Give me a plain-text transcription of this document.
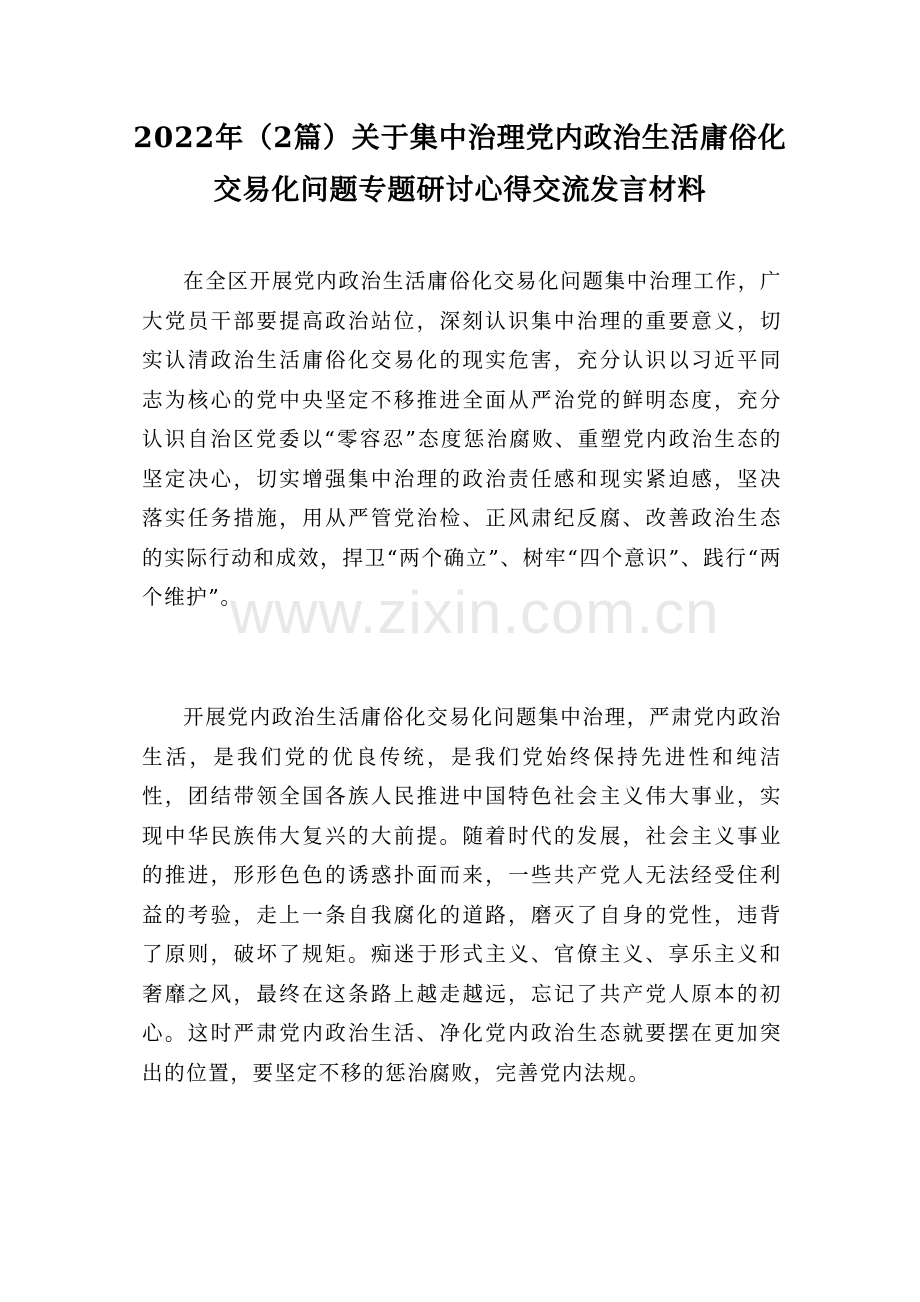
2022年（2篇）关于集中治理党内政治生活庸俗化交易化问题专题研讨心得交流发言材料

在全区开展党内政治生活庸俗化交易化问题集中治理工作，广大党员干部要提高政治站位，深刻认识集中治理的重要意义，切实认清政治生活庸俗化交易化的现实危害，充分认识以习近平同志为核心的党中央坚定不移推进全面从严治党的鲜明态度，充分认识自治区党委以“零容忍”态度惩治腐败、重塑党内政治生态的坚定决心，切实增强集中治理的政治责任感和现实紧迫感，坚决落实任务措施，用从严管党治检、正风肃纪反腐、改善政治生态的实际行动和成效，捍卫“两个确立”、树牢“四个意识”、践行“两个维护”。

www.zixin.com.cn

开展党内政治生活庸俗化交易化问题集中治理，严肃党内政治生活，是我们党的优良传统，是我们党始终保持先进性和纯洁性，团结带领全国各族人民推进中国特色社会主义伟大事业，实现中华民族伟大复兴的大前提。随着时代的发展，社会主义事业的推进，形形色色的诱惑扑面而来，一些共产党人无法经受住利益的考验，走上一条自我腐化的道路，磨灭了自身的党性，违背了原则，破坏了规矩。痴迷于形式主义、官僚主义、享乐主义和奢靡之风，最终在这条路上越走越远，忘记了共产党人原本的初心。这时严肃党内政治生活、净化党内政治生态就要摆在更加突出的位置，要坚定不移的惩治腐败，完善党内法规。
